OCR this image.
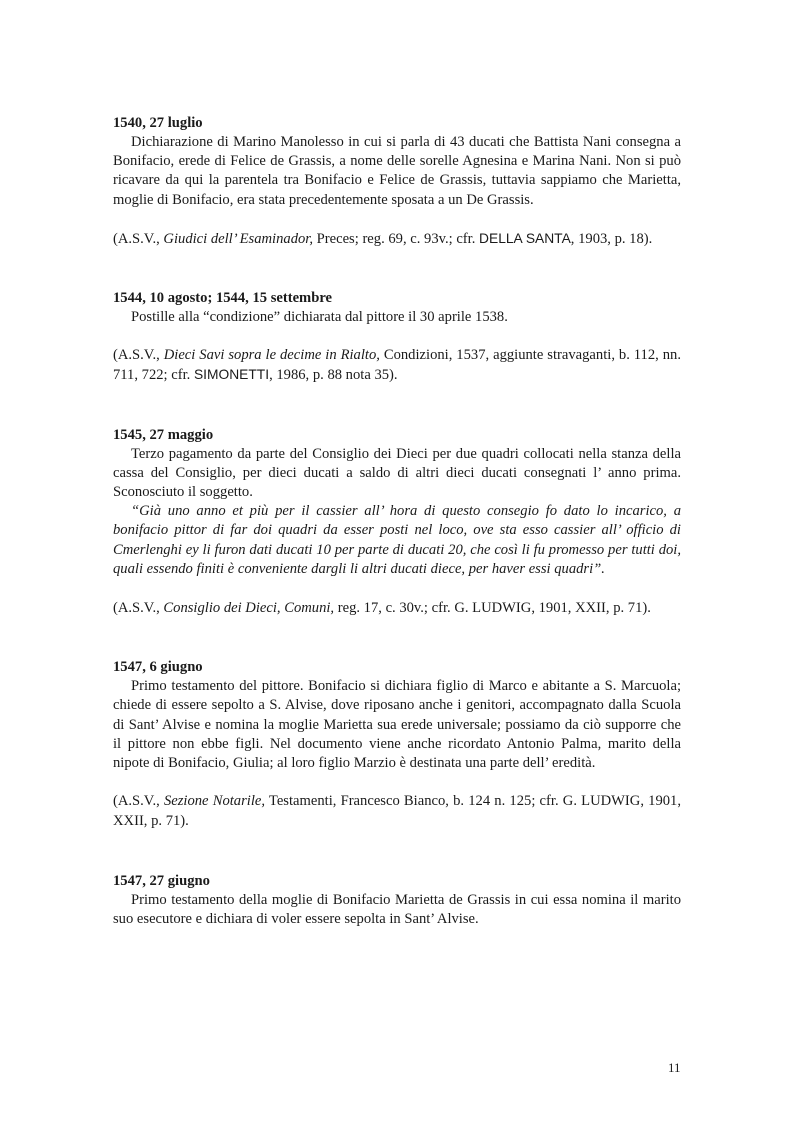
1540, 27 luglio

Dichiarazione di Marino Manolesso in cui si parla di 43 ducati che Battista Nani consegna a Bonifacio, erede di Felice de Grassis, a nome delle sorelle Agnesina e Marina Nani. Non si può ricavare da qui la parentela tra Bonifacio e Felice de Grassis, tuttavia sappiamo che Marietta, moglie di Bonifacio, era stata precedentemente sposata a un De Grassis.

(A.S.V., Giudici dell’ Esaminador, Preces; reg. 69, c. 93v.; cfr. DELLA SANTA, 1903, p. 18).

1544, 10 agosto; 1544, 15 settembre

Postille alla “condizione” dichiarata dal pittore il 30 aprile 1538.

(A.S.V., Dieci Savi sopra le decime in Rialto, Condizioni, 1537, aggiunte stravaganti, b. 112, nn. 711, 722; cfr. SIMONETTI, 1986, p. 88 nota 35).

1545, 27 maggio

Terzo pagamento da parte del Consiglio dei Dieci per due quadri collocati nella stanza della cassa del Consiglio, per dieci ducati a saldo di altri dieci ducati consegnati l’ anno prima. Sconosciuto il soggetto.

“Già uno anno et più per il cassier all’ hora di questo consegio fo dato lo incarico, a bonifacio pittor di far doi quadri da esser posti nel loco, ove sta esso cassier all’ officio di Cmerlenghi ey li furon dati ducati 10 per parte di ducati 20, che così li fu promesso per tutti doi, quali essendo finiti è conveniente dargli li altri ducati diece, per haver essi quadri”.

(A.S.V., Consiglio dei Dieci, Comuni, reg. 17, c. 30v.; cfr. G. LUDWIG, 1901, XXII, p. 71).

1547, 6 giugno

Primo testamento del pittore. Bonifacio si dichiara figlio di Marco e abitante a S. Marcuola; chiede di essere sepolto a S. Alvise, dove riposano anche i genitori, accompagnato dalla Scuola di Sant’ Alvise e nomina la moglie Marietta sua erede universale; possiamo da ciò supporre che il pittore non ebbe figli. Nel documento viene anche ricordato Antonio Palma, marito della nipote di Bonifacio, Giulia; al loro figlio Marzio è destinata una parte dell’ eredità.

(A.S.V., Sezione Notarile, Testamenti, Francesco Bianco, b. 124 n. 125; cfr. G. LUDWIG, 1901, XXII, p. 71).

1547, 27 giugno

Primo testamento della moglie di Bonifacio Marietta de Grassis in cui essa nomina il marito suo esecutore e dichiara di voler essere sepolta in Sant’ Alvise.

11
